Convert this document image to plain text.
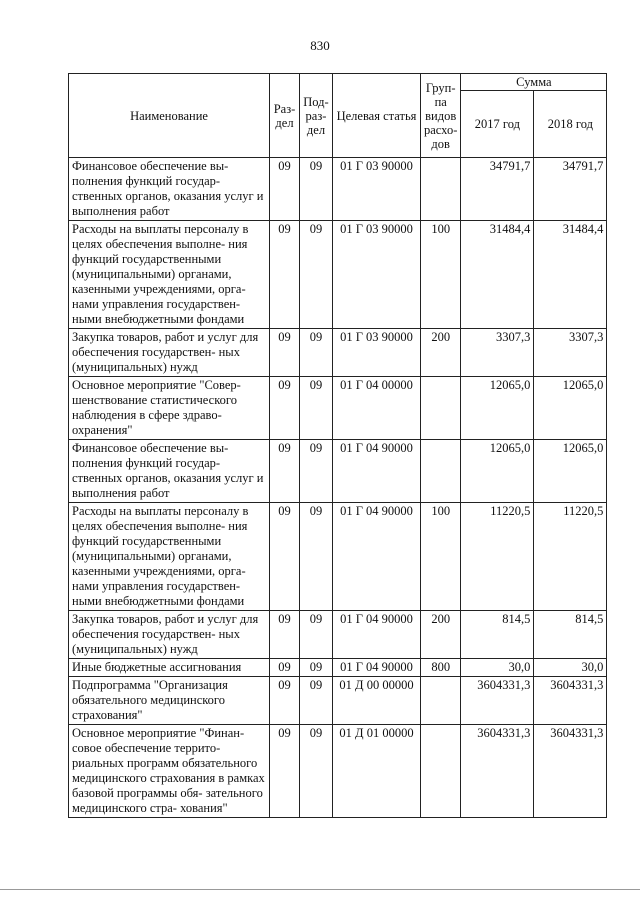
830
Наименование	Раз- дел	Под- раз- дел	Целевая статья	Груп- па видов расхо- дов	Сумма	
					2017 год	2018 год
Финансовое обеспечение вы- полнения функций государ- ственных органов, оказания услуг и выполнения работ	09	09	01 Г 03 90000		34791,7	34791,7
Расходы на выплаты персоналу в целях обеспечения выполне- ния функций государственными (муниципальными) органами, казенными учреждениями, орга- нами управления государствен- ными внебюджетными фондами	09	09	01 Г 03 90000	100	31484,4	31484,4
Закупка товаров, работ и услуг для обеспечения государствен- ных (муниципальных) нужд	09	09	01 Г 03 90000	200	3307,3	3307,3
Основное мероприятие "Совер- шенствование статистического наблюдения в сфере здраво- охранения"	09	09	01 Г 04 00000		12065,0	12065,0
Финансовое обеспечение вы- полнения функций государ- ственных органов, оказания услуг и выполнения работ	09	09	01 Г 04 90000		12065,0	12065,0
Расходы на выплаты персоналу в целях обеспечения выполне- ния функций государственными (муниципальными) органами, казенными учреждениями, орга- нами управления государствен- ными внебюджетными фондами	09	09	01 Г 04 90000	100	11220,5	11220,5
Закупка товаров, работ и услуг для обеспечения государствен- ных (муниципальных) нужд	09	09	01 Г 04 90000	200	814,5	814,5
Иные бюджетные ассигнования	09	09	01 Г 04 90000	800	30,0	30,0
Подпрограмма "Организация обязательного медицинского страхования"	09	09	01 Д 00 00000		3604331,3	3604331,3
Основное мероприятие "Финан- совое обеспечение террито- риальных программ обязательного медицинского страхования в рамках базовой программы обя- зательного медицинского стра- хования"	09	09	01 Д 01 00000		3604331,3	3604331,3
